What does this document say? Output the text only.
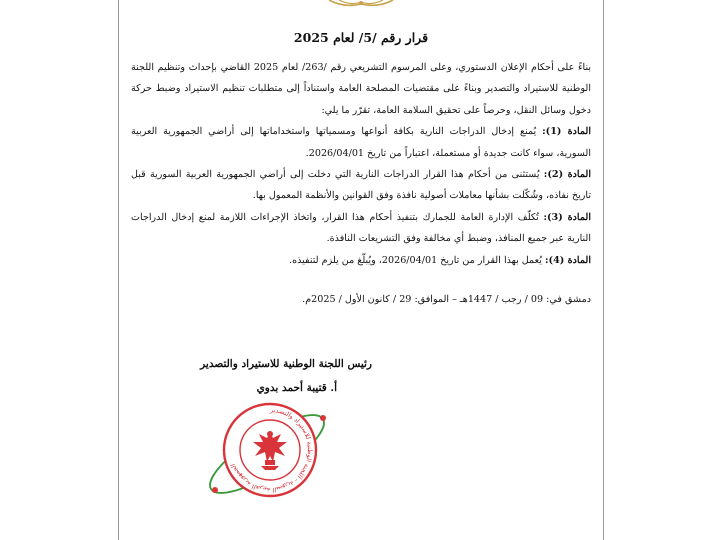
قرار رقم /5/ لعام 2025

بناءً على أحكام الإعلان الدستوري، وعلى المرسوم التشريعي رقم /263/ لعام 2025 القاضي بإحداث وتنظيم اللجنة الوطنية للاستيراد والتصدير وبناءً على مقتضيات المصلحة العامة واستناداً إلى متطلبات تنظيم الاستيراد وضبط حركة دخول وسائل النقل، وحرصاً على تحقيق السلامة العامة، تقرّر ما يلي:

المادة (1): يُمنع إدخال الدراجات النارية بكافة أنواعها ومسمياتها واستخداماتها إلى أراضي الجمهورية العربية السورية، سواء كانت جديدة أو مستعملة، اعتباراً من تاريخ 2026/04/01.

المادة (2): يُستثنى من أحكام هذا القرار الدراجات النارية التي دخلت إلى أراضي الجمهورية العربية السورية قبل تاريخ نفاذه، وشُكّلت بشأنها معاملات أصولية نافذة وفق القوانين والأنظمة المعمول بها.

المادة (3): تُكلّف الإدارة العامة للجمارك بتنفيذ أحكام هذا القرار، واتخاذ الإجراءات اللازمة لمنع إدخال الدراجات النارية عبر جميع المنافذ، وضبط أي مخالفة وفق التشريعات النافذة.

المادة (4): يُعمل بهذا القرار من تاريخ 2026/04/01، ويُبلّغ من يلزم لتنفيذه.

دمشق في: 09 / رجب / 1447هـ – الموافق: 29 / كانون الأول / 2025م.
رئيس اللجنة الوطنية للاستيراد والتصدير
أ. قتيبة أحمد بدوي
الجمهورية العربية السورية - اللجنة الوطنية للاستيراد والتصدير
